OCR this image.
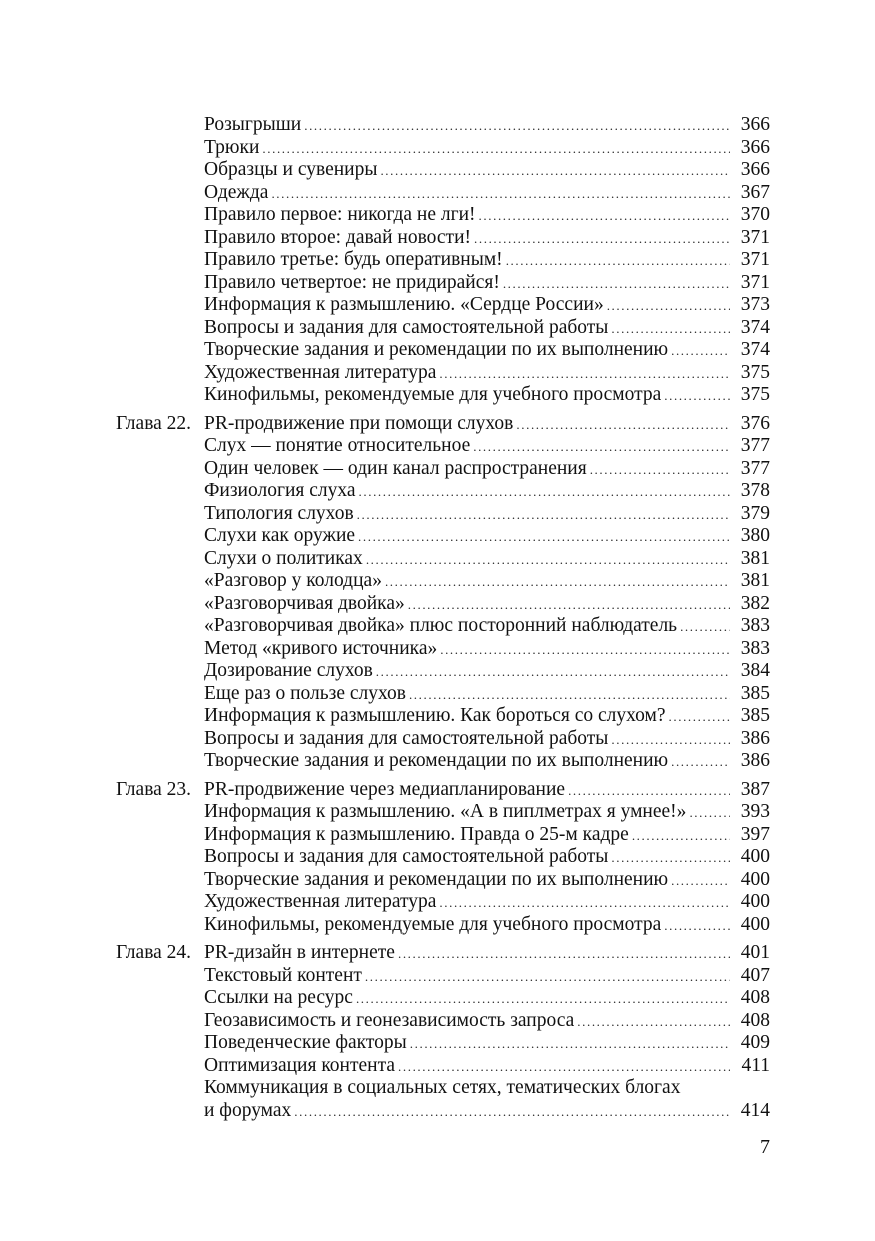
Розыгрыши .....	366
Трюки .....	366
Образцы и сувениры .....	366
Одежда .....	367
Правило первое: никогда не лги! .....	370
Правило второе: давай новости! .....	371
Правило третье: будь оперативным! .....	371
Правило четвертое: не придирайся! .....	371
Информация к размышлению. «Сердце России» .....	373
Вопросы и задания для самостоятельной работы .....	374
Творческие задания и рекомендации по их выполнению .....	374
Художественная литература .....	375
Кинофильмы, рекомендуемые для учебного просмотра .....	375
Глава 22. PR-продвижение при помощи слухов .....	376
Слух — понятие относительное .....	377
Один человек — один канал распространения .....	377
Физиология слуха .....	378
Типология слухов .....	379
Слухи как оружие .....	380
Слухи о политиках .....	381
«Разговор у колодца» .....	381
«Разговорчивая двойка» .....	382
«Разговорчивая двойка» плюс посторонний наблюдатель .....	383
Метод «кривого источника» .....	383
Дозирование слухов .....	384
Еще раз о пользе слухов .....	385
Информация к размышлению. Как бороться со слухом? .....	385
Вопросы и задания для самостоятельной работы .....	386
Творческие задания и рекомендации по их выполнению .....	386
Глава 23. PR-продвижение через медиапланирование .....	387
Информация к размышлению. «А в пиплметрах я умнее!» .....	393
Информация к размышлению. Правда о 25-м кадре .....	397
Вопросы и задания для самостоятельной работы .....	400
Творческие задания и рекомендации по их выполнению .....	400
Художественная литература .....	400
Кинофильмы, рекомендуемые для учебного просмотра .....	400
Глава 24. PR-дизайн в интернете .....	401
Текстовый контент .....	407
Ссылки на ресурс .....	408
Геозависимость и геонезависимость запроса .....	408
Поведенческие факторы .....	409
Оптимизация контента .....	411
Коммуникация в социальных сетях, тематических блогах
и форумах .....	414
7
